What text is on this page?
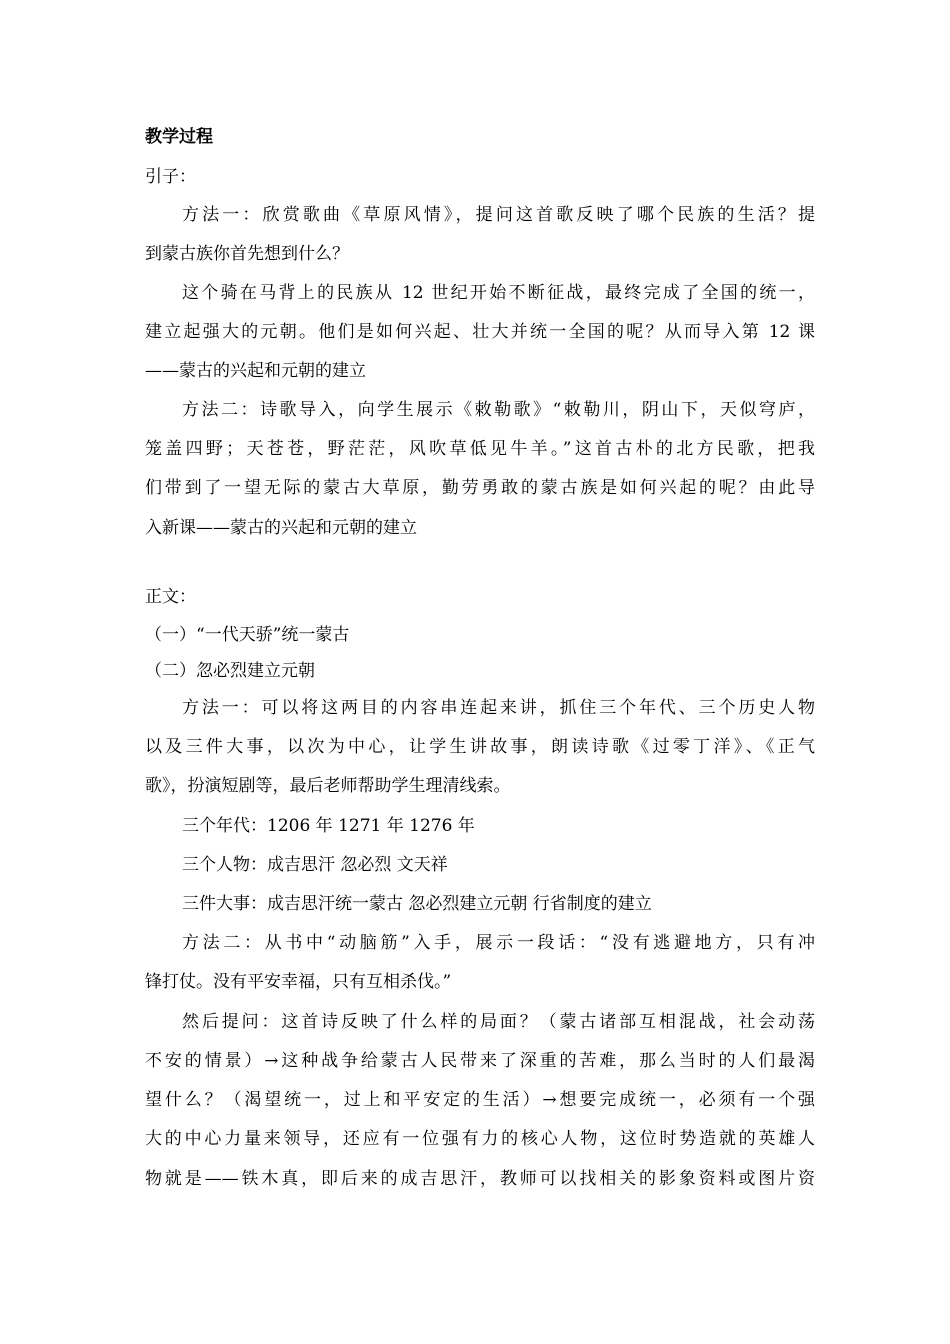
教学过程
引子：
方法一：欣赏歌曲《草原风情》，提问这首歌反映了哪个民族的生活？提
到蒙古族你首先想到什么？
这个骑在马背上的民族从 12 世纪开始不断征战，最终完成了全国的统一，
建立起强大的元朝。他们是如何兴起、壮大并统一全国的呢？从而导入第 12 课
——蒙古的兴起和元朝的建立
方法二：诗歌导入，向学生展示《敕勒歌》“敕勒川，阴山下，天似穹庐，
笼盖四野；天苍苍，野茫茫，风吹草低见牛羊。”这首古朴的北方民歌，把我
们带到了一望无际的蒙古大草原，勤劳勇敢的蒙古族是如何兴起的呢？由此导
入新课——蒙古的兴起和元朝的建立
正文：
（一）“一代天骄”统一蒙古
（二）忽必烈建立元朝
方法一：可以将这两目的内容串连起来讲，抓住三个年代、三个历史人物
以及三件大事，以次为中心，让学生讲故事，朗读诗歌《过零丁洋》、《正气
歌》，扮演短剧等，最后老师帮助学生理清线索。
三个年代：1206 年 1271 年 1276 年
三个人物：成吉思汗 忽必烈 文天祥
三件大事：成吉思汗统一蒙古 忽必烈建立元朝 行省制度的建立
方法二：从书中“动脑筋”入手，展示一段话：“没有逃避地方，只有冲
锋打仗。没有平安幸福，只有互相杀伐。”
然后提问：这首诗反映了什么样的局面？（蒙古诸部互相混战，社会动荡
不安的情景）→这种战争给蒙古人民带来了深重的苦难，那么当时的人们最渴
望什么？（渴望统一，过上和平安定的生活）→想要完成统一，必须有一个强
大的中心力量来领导，还应有一位强有力的核心人物，这位时势造就的英雄人
物就是——铁木真，即后来的成吉思汗，教师可以找相关的影象资料或图片资
